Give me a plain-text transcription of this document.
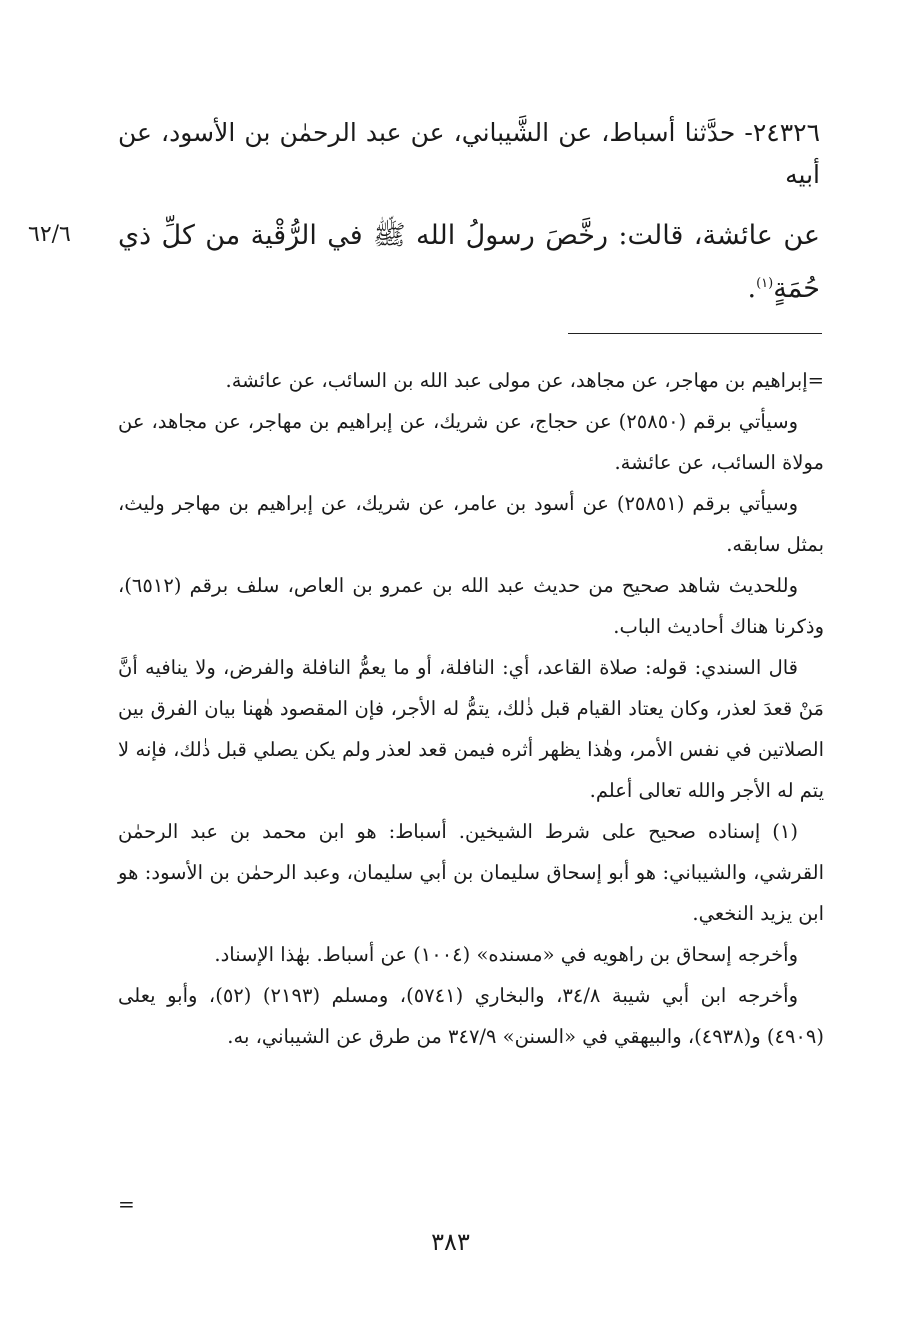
٢٤٣٢٦- حدَّثنا أسباط، عن الشَّيباني، عن عبد الرحمٰن بن الأسود، عن أبيه
عن عائشة، قالت: رخَّصَ رسولُ الله ﷺ في الرُّقْية من كلِّ ذي حُمَةٍ$^{(١)}$.
٦٢/٦

=إبراهيم بن مهاجر، عن مجاهد، عن مولى عبد الله بن السائب، عن عائشة.

وسيأتي برقم (٢٥٨٥٠) عن حجاج، عن شريك، عن إبراهيم بن مهاجر، عن مجاهد، عن مولاة السائب، عن عائشة.

وسيأتي برقم (٢٥٨٥١) عن أسود بن عامر، عن شريك، عن إبراهيم بن مهاجر وليث، بمثل سابقه.

وللحديث شاهد صحيح من حديث عبد الله بن عمرو بن العاص، سلف برقم (٦٥١٢)، وذكرنا هناك أحاديث الباب.

قال السندي: قوله: صلاة القاعد، أي: النافلة، أو ما يعمُّ النافلة والفرض، ولا ينافيه أنَّ مَنْ قعدَ لعذر، وكان يعتاد القيام قبل ذٰلك، يتمُّ له الأجر، فإن المقصود هٰهنا بيان الفرق بين الصلاتين في نفس الأمر، وهٰذا يظهر أثره فيمن قعد لعذر ولم يكن يصلي قبل ذٰلك، فإنه لا يتم له الأجر والله تعالى أعلم.

(١) إسناده صحيح على شرط الشيخين. أسباط: هو ابن محمد بن عبد الرحمٰن القرشي، والشيباني: هو أبو إسحاق سليمان بن أبي سليمان، وعبد الرحمٰن بن الأسود: هو ابن يزيد النخعي.

وأخرجه إسحاق بن راهويه في «مسنده» (١٠٠٤) عن أسباط. بهٰذا الإسناد.

وأخرجه ابن أبي شيبة ٣٤/٨، والبخاري (٥٧٤١)، ومسلم (٢١٩٣) (٥٢)، وأبو يعلى (٤٩٠٩) و(٤٩٣٨)، والبيهقي في «السنن» ٣٤٧/٩ من طرق عن الشيباني، به.

=
٣٨٣
